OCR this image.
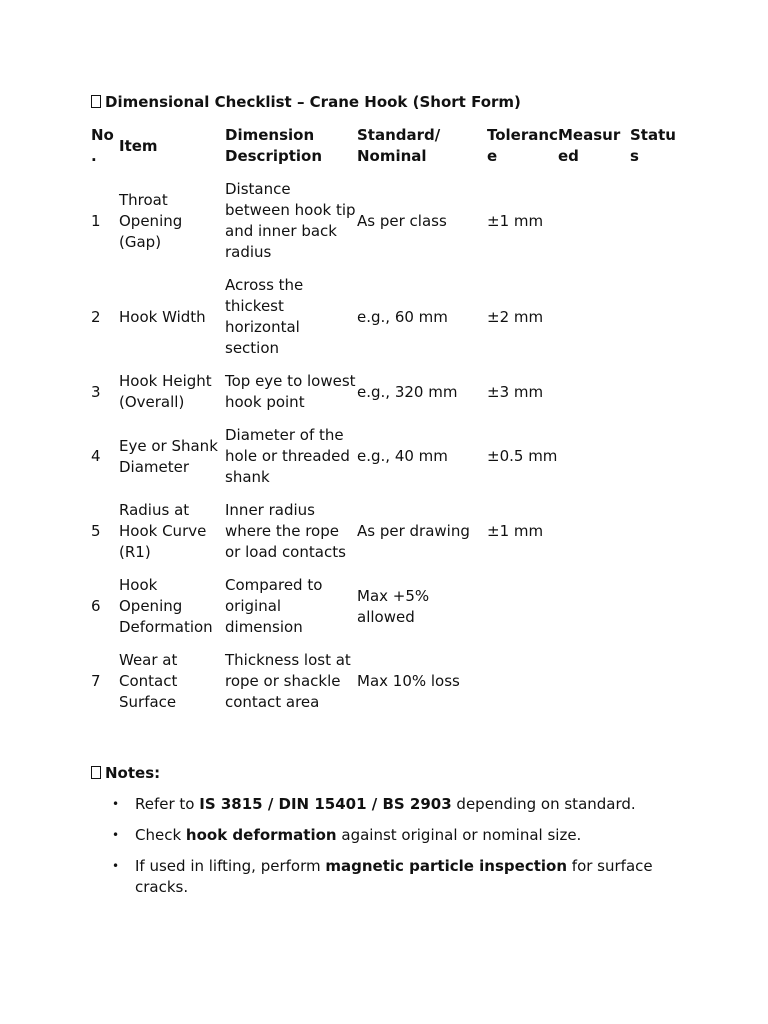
Dimensional Checklist – Crane Hook (Short Form)

No.	Item	Dimension Description	Standard/ Nominal	Tolerance	Measured	Status
1	Throat Opening (Gap)	Distance between hook tip and inner back radius	As per class	±1 mm		
2	Hook Width	Across the thickest horizontal section	e.g., 60 mm	±2 mm		
3	Hook Height (Overall)	Top eye to lowest hook point	e.g., 320 mm	±3 mm		
4	Eye or Shank Diameter	Diameter of the hole or threaded shank	e.g., 40 mm	±0.5 mm		
5	Radius at Hook Curve (R1)	Inner radius where the rope or load contacts	As per drawing	±1 mm		
6	Hook Opening Deformation	Compared to original dimension	Max +5% allowed			
7	Wear at Contact Surface	Thickness lost at rope or shackle contact area	Max 10% loss			
Notes:
• Refer to IS 3815 / DIN 15401 / BS 2903 depending on standard.
• Check hook deformation against original or nominal size.
• If used in lifting, perform magnetic particle inspection for surface cracks.
